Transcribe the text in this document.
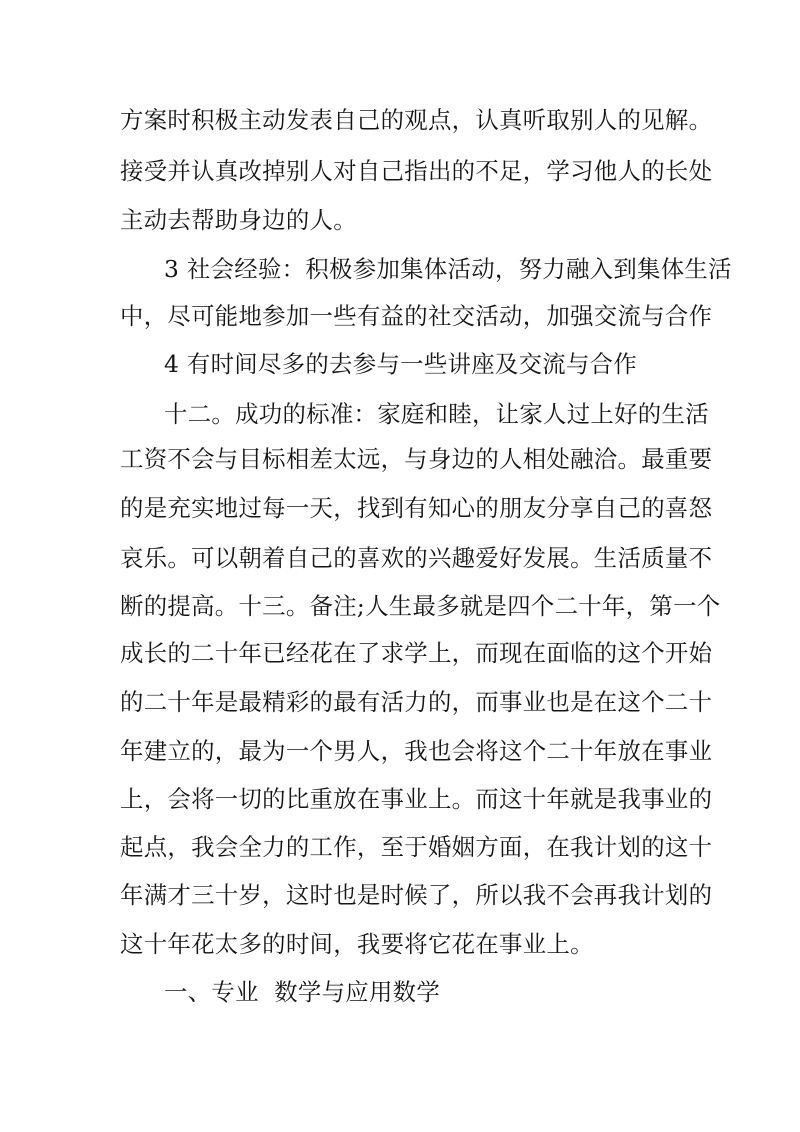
方案时积极主动发表自己的观点，认真听取别人的见解。
接受并认真改掉别人对自己指出的不足，学习他人的长处
主动去帮助身边的人。
3 社会经验：积极参加集体活动，努力融入到集体生活
中，尽可能地参加一些有益的社交活动，加强交流与合作
4 有时间尽多的去参与一些讲座及交流与合作
十二。成功的标准：家庭和睦，让家人过上好的生活
工资不会与目标相差太远，与身边的人相处融洽。最重要
的是充实地过每一天，找到有知心的朋友分享自己的喜怒
哀乐。可以朝着自己的喜欢的兴趣爱好发展。生活质量不
断的提高。十三。备注;人生最多就是四个二十年，第一个
成长的二十年已经花在了求学上，而现在面临的这个开始
的二十年是最精彩的最有活力的，而事业也是在这个二十
年建立的，最为一个男人，我也会将这个二十年放在事业
上，会将一切的比重放在事业上。而这十年就是我事业的
起点，我会全力的工作，至于婚姻方面，在我计划的这十
年满才三十岁，这时也是时候了，所以我不会再我计划的
这十年花太多的时间，我要将它花在事业上。
一、专业  数学与应用数学
